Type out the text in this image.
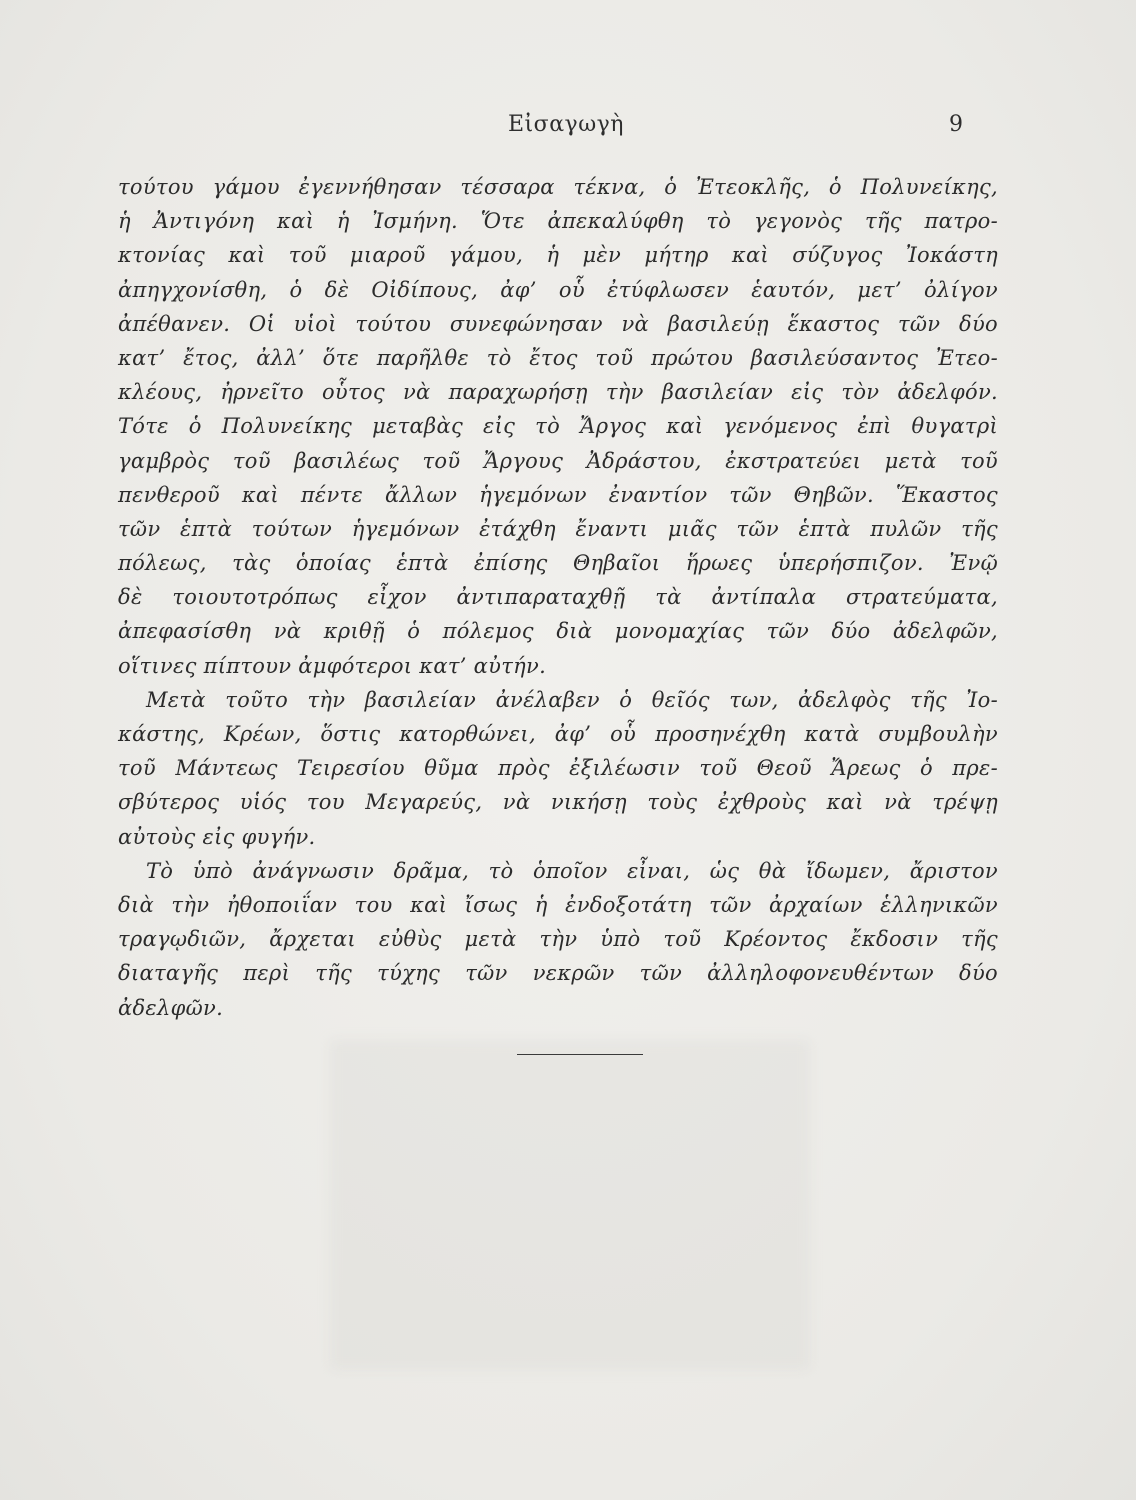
Εἰσαγωγὴ	9
τούτου γάμου ἐγεννήθησαν τέσσαρα τέκνα, ὁ Ἐτεοκλῆς, ὁ Πολυνείκης,
ἡ Ἀντιγόνη καὶ ἡ Ἰσμήνη. Ὅτε ἀπεκαλύφθη τὸ γεγονὸς τῆς πατρο-
κτονίας καὶ τοῦ μιαροῦ γάμου, ἡ μὲν μήτηρ καὶ σύζυγος Ἰοκάστη
ἀπηγχονίσθη, ὁ δὲ Οἰδίπους, ἀφ’ οὗ ἐτύφλωσεν ἑαυτόν, μετ’ ὀλίγον
ἀπέθανεν. Οἱ υἱοὶ τούτου συνεφώνησαν νὰ βασιλεύῃ ἕκαστος τῶν δύο
κατ’ ἔτος, ἀλλ’ ὅτε παρῆλθε τὸ ἔτος τοῦ πρώτου βασιλεύσαντος Ἐτεο-
κλέους, ἠρνεῖτο οὗτος νὰ παραχωρήσῃ τὴν βασιλείαν εἰς τὸν ἀδελφόν.
Τότε ὁ Πολυνείκης μεταβὰς εἰς τὸ Ἄργος καὶ γενόμενος ἐπὶ θυγατρὶ
γαμβρὸς τοῦ βασιλέως τοῦ Ἄργους Ἀδράστου, ἐκστρατεύει μετὰ τοῦ
πενθεροῦ καὶ πέντε ἄλλων ἡγεμόνων ἐναντίον τῶν Θηβῶν. Ἕκαστος
τῶν ἑπτὰ τούτων ἡγεμόνων ἐτάχθη ἔναντι μιᾶς τῶν ἑπτὰ πυλῶν τῆς
πόλεως, τὰς ὁποίας ἑπτὰ ἐπίσης Θηβαῖοι ἥρωες ὑπερήσπιζον. Ἐνῷ
δὲ τοιουτοτρόπως εἶχον ἀντιπαραταχθῇ τὰ ἀντίπαλα στρατεύματα,
ἀπεφασίσθη νὰ κριθῇ ὁ πόλεμος διὰ μονομαχίας τῶν δύο ἀδελφῶν,
οἵτινες πίπτουν ἀμφότεροι κατ’ αὐτήν.
Μετὰ τοῦτο τὴν βασιλείαν ἀνέλαβεν ὁ θεῖός των, ἀδελφὸς τῆς Ἰο-
κάστης, Κρέων, ὅστις κατορθώνει, ἀφ’ οὗ προσηνέχθη κατὰ συμβουλὴν
τοῦ Μάντεως Τειρεσίου θῦμα πρὸς ἐξιλέωσιν τοῦ Θεοῦ Ἄρεως ὁ πρε-
σβύτερος υἱός του Μεγαρεύς, νὰ νικήσῃ τοὺς ἐχθροὺς καὶ νὰ τρέψῃ
αὐτοὺς εἰς φυγήν.
Τὸ ὑπὸ ἀνάγνωσιν δρᾶμα, τὸ ὁποῖον εἶναι, ὡς θὰ ἴδωμεν, ἄριστον
διὰ τὴν ἠθοποιΐαν του καὶ ἴσως ἡ ἐνδοξοτάτη τῶν ἀρχαίων ἑλληνικῶν
τραγῳδιῶν, ἄρχεται εὐθὺς μετὰ τὴν ὑπὸ τοῦ Κρέοντος ἔκδοσιν τῆς
διαταγῆς περὶ τῆς τύχης τῶν νεκρῶν τῶν ἀλληλοφονευθέντων δύο
ἀδελφῶν.
